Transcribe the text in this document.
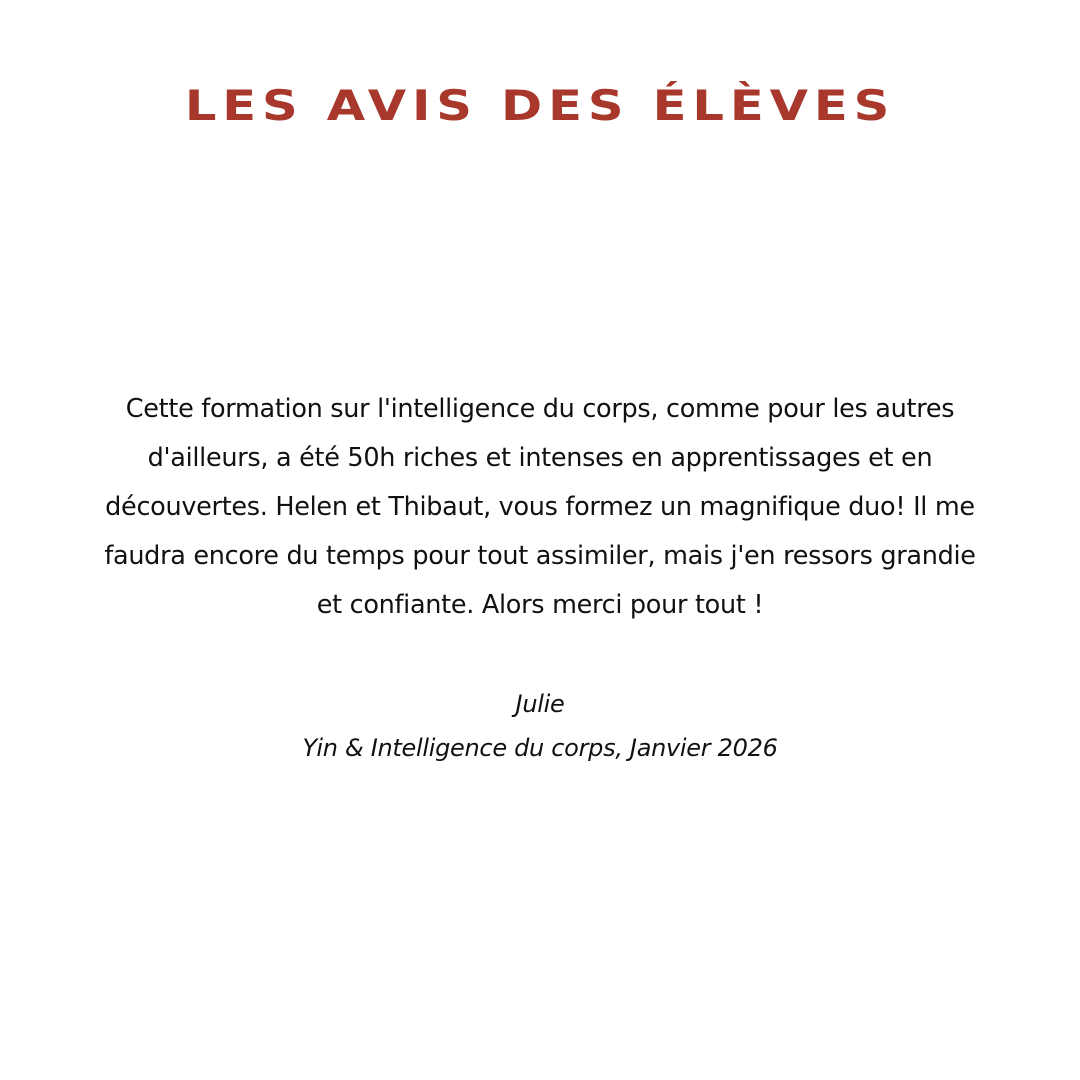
LES AVIS DES ÉLÈVES

Cette formation sur l'intelligence du corps, comme pour les autres
d'ailleurs, a été 50h riches et intenses en apprentissages et en
découvertes. Helen et Thibaut, vous formez un magnifique duo! Il me
faudra encore du temps pour tout assimiler, mais j'en ressors grandie
et confiante. Alors merci pour tout !

Julie
Yin & Intelligence du corps, Janvier 2026
